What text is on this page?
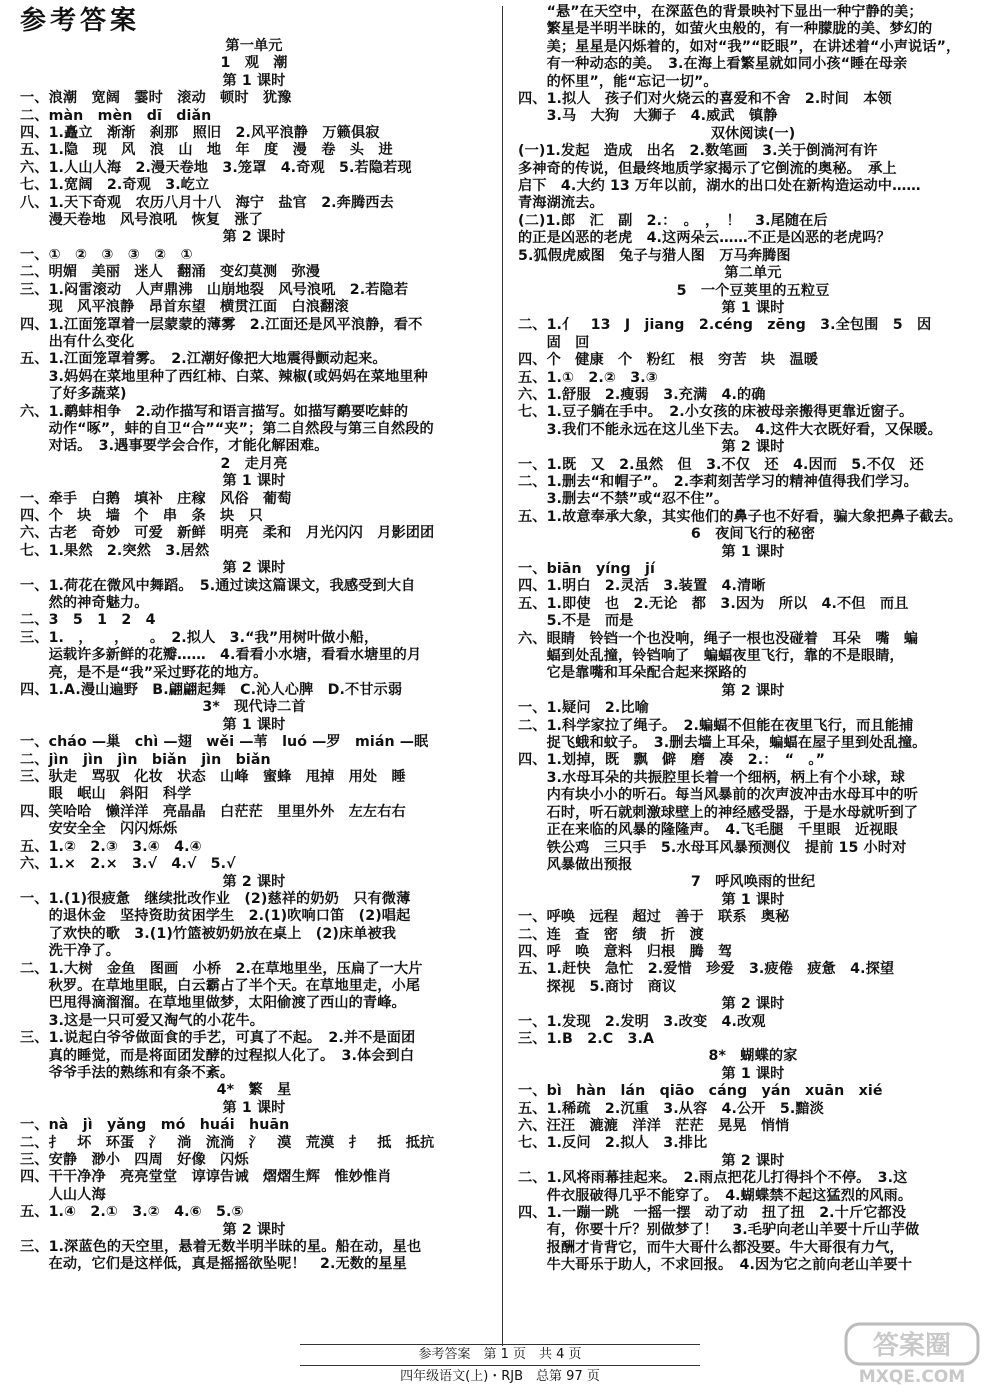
参考答案
第一单元
1　观　潮
第 1 课时
一、浪潮　宽阔　霎时　滚动　顿时　犹豫
二、màn　mèn　dī　diǎn
四、1.矗立　渐渐　刹那　照旧　2.风平浪静　万籁俱寂
五、1.隐　现　风　浪　山　地　年　度　漫　卷　头　进
六、1.人山人海　2.漫天卷地　3.笼罩　4.奇观　5.若隐若现
七、1.宽阔　2.奇观　3.屹立
八、1.天下奇观　农历八月十八　海宁　盐官　2.奔腾西去
　　漫天卷地　风号浪吼　恢复　涨了
第 2 课时
一、①　②　③　③　②　①
二、明媚　美丽　迷人　翻涌　变幻莫测　弥漫
三、1.闷雷滚动　人声鼎沸　山崩地裂　风号浪吼　2.若隐若
　　现　风平浪静　昂首东望　横贯江面　白浪翻滚
四、1.江面笼罩着一层蒙蒙的薄雾　2.江面还是风平浪静，看不
　　出有什么变化
五、1.江面笼罩着雾。　2.江潮好像把大地震得颤动起来。
　　3.妈妈在菜地里种了西红柿、白菜、辣椒(或妈妈在菜地里种
　　了好多蔬菜)
六、1.鹬蚌相争　2.动作描写和语言描写。如描写鹬要吃蚌的
　　动作“啄”，蚌的自卫“合”“夹”；第二自然段与第三自然段的
　　对话。　3.遇事要学会合作，才能化解困难。
2　走月亮
第 1 课时
一、牵手　白鹅　填补　庄稼　风俗　葡萄
四、个　块　墙　个　串　条　块　只
六、古老　奇妙　可爱　新鲜　明亮　柔和　月光闪闪　月影团团
七、1.果然　2.突然　3.居然
第 2 课时
一、1.荷花在微风中舞蹈。　5.通过读这篇课文，我感受到大自
　　然的神奇魅力。
二、3　5　1　2　4
三、1.　，　　，　　。　2.拟人　3.“我”用树叶做小船，
　　运载许多新鲜的花瓣……　4.看看小水塘，看看水塘里的月
　　亮，是不是“我”采过野花的地方。
四、1.A.漫山遍野　B.翩翩起舞　C.沁人心脾　D.不甘示弱
3*　现代诗二首
第 1 课时
一、cháo —巢　chì —翅　wěi —苇　luó —罗　mián —眠
二、jìn　jìn　jìn　biǎn　jìn　biǎn
三、驮走　骂驭　化妆　状态　山峰　蜜蜂　甩掉　用处　睡
　　眼　岷山　斜阳　科学
四、笑哈哈　懒洋洋　亮晶晶　白茫茫　里里外外　左左右右
　　安安全全　闪闪烁烁
五、1.②　2.③　3.④　4.④
六、1.×　2.×　3.√　4.√　5.√
第 2 课时
一、1.(1)很疲惫　继续批改作业　(2)慈祥的奶奶　只有微薄
　　的退休金　坚持资助贫困学生　2.(1)吹响口笛　(2)唱起
　　了欢快的歌　3.(1)竹篮被奶奶放在桌上　(2)床单被我
　　洗干净了。
二、1.大树　金鱼　图画　小桥　2.在草地里坐，压扁了一大片
　　秋罗。在草地里眠，白云霸占了半个天。在草地里走，小尾
　　巴甩得滴溜溜。在草地里做梦，太阳偷渡了西山的青峰。
　　3.这是一只可爱又淘气的小花牛。
三、1.说起白爷爷做面食的手艺，可真了不起。　2.并不是面团
　　真的睡觉，而是将面团发酵的过程拟人化了。　3.体会到白
　　爷爷手法的熟练和有条不紊。
4*　繁　星
第 1 课时
一、nà　jì　yǎng　mó　huái　huān
二、扌　坏　环蛋　氵　淌　流淌　氵　漠　荒漠　扌　抵　抵抗
三、安静　渺小　四周　好像　闪烁
四、干干净净　亮亮堂堂　谆谆告诫　熠熠生辉　惟妙惟肖
　　人山人海
五、1.④　2.①　3.②　4.⑥　5.⑤
第 2 课时
三、1.深蓝色的天空里，悬着无数半明半昧的星。船在动，星也
　　在动，它们是这样低，真是摇摇欲坠呢！　2.无数的星星
　　“悬”在天空中，在深蓝色的背景映衬下显出一种宁静的美；
　　繁星是半明半昧的，如萤火虫般的，有一种朦胧的美、梦幻的
　　美；星星是闪烁着的，如对“我”“眨眼”，在讲述着“小声说话”，
　　有一种动态的美。　3.在海上看繁星就如同小孩“睡在母亲
　　的怀里”，能“忘记一切”。
四、1.拟人　孩子们对火烧云的喜爱和不舍　2.时间　本领
　　3.马　大狗　大狮子　4.威武　镇静
双休阅读(一)
(一)1.发起　造成　出名　2.数笔画　3.关于倒淌河有许
多神奇的传说，但最终地质学家揭示了它倒流的奥秘。　承上
启下　4.大约 13 万年以前，湖水的出口处在新构造运动中……
青海湖流去。
(二)1.郎　汇　副　2.：　。　，　！　3.尾随在后
的正是凶恶的老虎　4.这两朵云……不正是凶恶的老虎吗？
5.狐假虎威图　兔子与猎人图　万马奔腾图
第二单元
5　一个豆荚里的五粒豆
第 1 课时
二、1.亻　13　J　jiang　2.céng　zēng　3.全包围　5　因
　　固　回
四、个　健康　个　粉红　根　穷苦　块　温暖
五、1.①　2.②　3.③
六、1.舒服　2.瘦弱　3.充满　4.的确
七、1.豆子躺在手中。　2.小女孩的床被母亲搬得更靠近窗子。
　　3.我们不能永远在这儿坐下去。　4.这件大衣既好看，又保暖。
第 2 课时
一、1.既　又　2.虽然　但　3.不仅　还　4.因而　5.不仅　还
二、1.删去“和帽子”。　2.李莉刻苦学习的精神值得我们学习。
　　3.删去“不禁”或“忍不住”。
五、1.故意奉承大象，其实他们的鼻子也不好看，骗大象把鼻子截去。
6　夜间飞行的秘密
第 1 课时
一、biān　yíng　jí
四、1.明白　2.灵活　3.装置　4.清晰
五、1.即使　也　2.无论　都　3.因为　所以　4.不但　而且
　　5.不是　而是
六、眼睛　铃铛一个也没响，绳子一根也没碰着　耳朵　嘴　蝙
　　蝠到处乱撞，铃铛响了　蝙蝠夜里飞行，靠的不是眼睛，
　　它是靠嘴和耳朵配合起来探路的
第 2 课时
一、1.疑问　2.比喻
二、1.科学家拉了绳子。　2.蝙蝠不但能在夜里飞行，而且能捕
　　捉飞蛾和蚊子。　3.删去墙上耳朵，蝙蝠在屋子里到处乱撞。
四、1.划掉，既　飘　僻　磨　凑　2.：　“　。”
　　3.水母耳朵的共振腔里长着一个细柄，柄上有个小球，球
　　内有块小小的听石。每当风暴前的次声波冲击水母耳中的听
　　石时，听石就刺激球壁上的神经感受器，于是水母就听到了
　　正在来临的风暴的隆隆声。　4.飞毛腿　千里眼　近视眼
　　铁公鸡　三只手　5.水母耳风暴预测仪　提前 15 小时对
　　风暴做出预报
7　呼风唤雨的世纪
第 1 课时
一、呼唤　远程　超过　善于　联系　奥秘
二、连　查　密　绩　折　渡
四、呼　唤　意料　归根　腾　驾
五、1.赶快　急忙　2.爱惜　珍爱　3.疲倦　疲惫　4.探望
　　探视　5.商讨　商议
第 2 课时
一、1.发现　2.发明　3.改变　4.改观
三、1.B　2.C　3.A
8*　蝴蝶的家
第 1 课时
一、bì　hàn　lán　qiāo　cáng　yán　xuān　xié
五、1.稀疏　2.沉重　3.从容　4.公开　5.黯淡
六、汪汪　漉漉　洋洋　茫茫　晃晃　悄悄
七、1.反问　2.拟人　3.排比
第 2 课时
二、1.风将雨幕挂起来。　2.雨点把花儿打得抖个不停。　3.这
　　件衣服破得几乎不能穿了。　4.蝴蝶禁不起这猛烈的风雨。
四、1.一蹦一跳　一摇一摆　动了动　扭了扭　2.十斤它都没
　　有，你要十斤？别做梦了！　3.毛驴向老山羊要十斤山芋做
　　报酬才肯背它，而牛大哥什么都没要。牛大哥很有力气，
　　牛大哥乐于助人，不求回报。　4.因为它之前向老山羊要十
参考答案　第 1 页　共 4 页
四年级语文(上)・RJB　总第 97 页
答案圈
MXQE.COM
